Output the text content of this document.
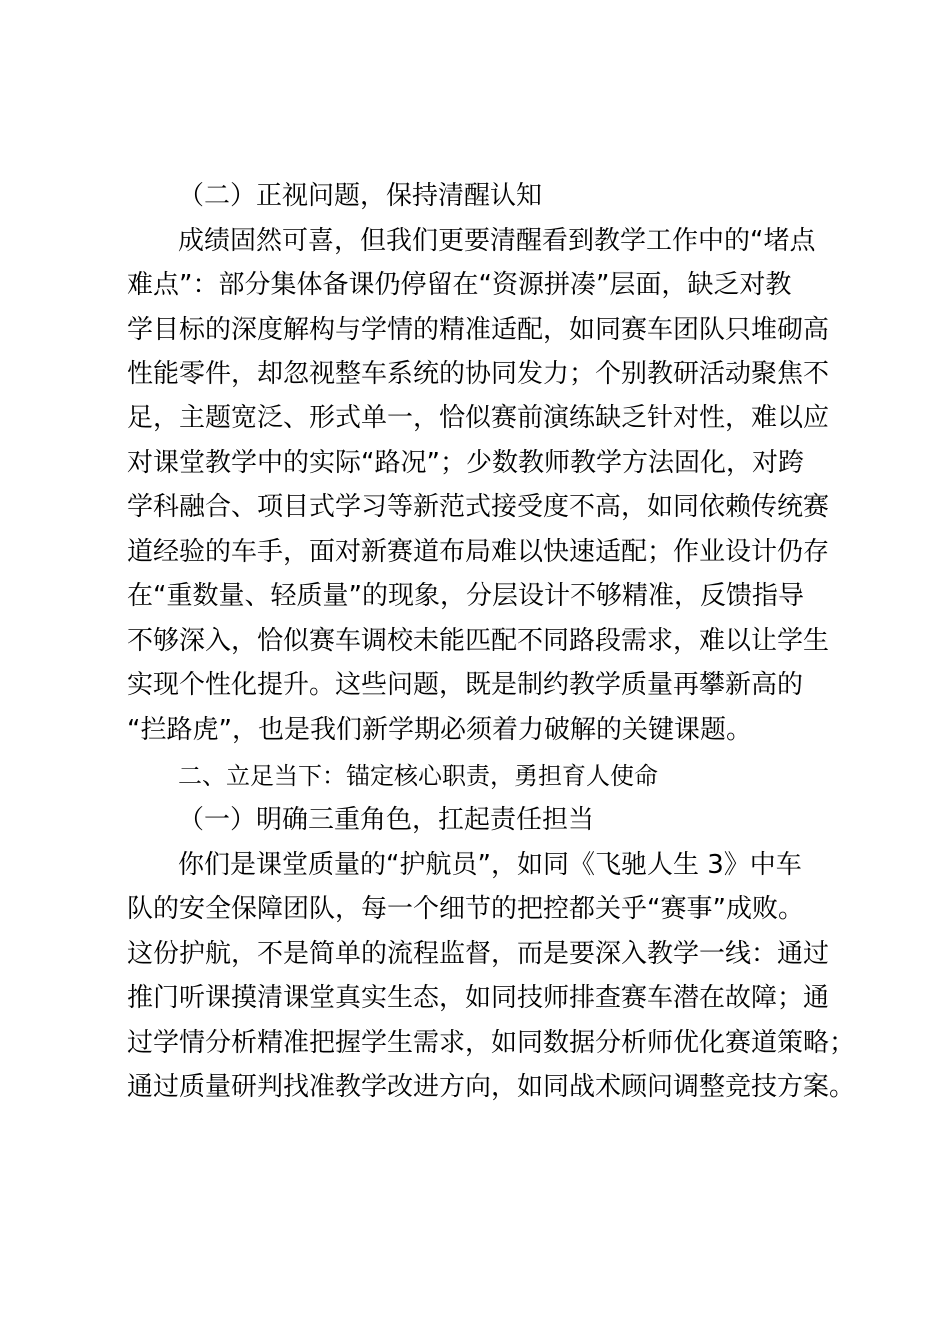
（二）正视问题，保持清醒认知

成绩固然可喜，但我们更要清醒看到教学工作中的“堵点

难点”：部分集体备课仍停留在“资源拼凑”层面，缺乏对教

学目标的深度解构与学情的精准适配，如同赛车团队只堆砌高

性能零件，却忽视整车系统的协同发力；个别教研活动聚焦不

足，主题宽泛、形式单一，恰似赛前演练缺乏针对性，难以应

对课堂教学中的实际“路况”；少数教师教学方法固化，对跨

学科融合、项目式学习等新范式接受度不高，如同依赖传统赛

道经验的车手，面对新赛道布局难以快速适配；作业设计仍存

在“重数量、轻质量”的现象，分层设计不够精准，反馈指导

不够深入，恰似赛车调校未能匹配不同路段需求，难以让学生

实现个性化提升。这些问题，既是制约教学质量再攀新高的

“拦路虎”，也是我们新学期必须着力破解的关键课题。

二、立足当下：锚定核心职责，勇担育人使命

（一）明确三重角色，扛起责任担当

你们是课堂质量的“护航员”，如同《飞驰人生 3》中车

队的安全保障团队，每一个细节的把控都关乎“赛事”成败。

这份护航，不是简单的流程监督，而是要深入教学一线：通过

推门听课摸清课堂真实生态，如同技师排查赛车潜在故障；通

过学情分析精准把握学生需求，如同数据分析师优化赛道策略；

通过质量研判找准教学改进方向，如同战术顾问调整竞技方案。
